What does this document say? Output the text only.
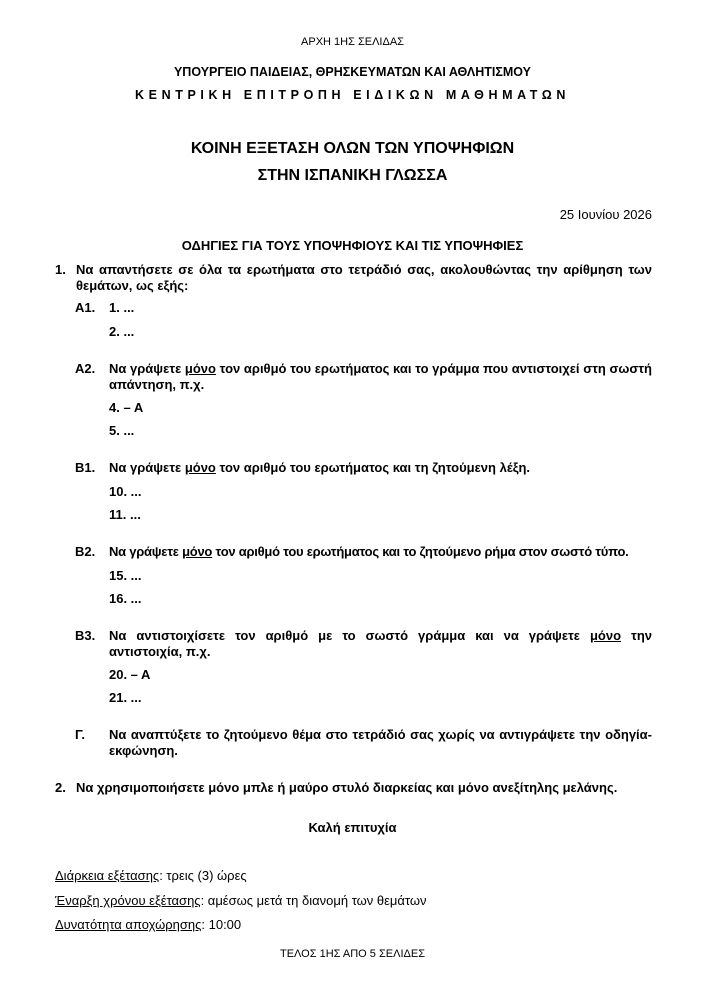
ΑΡΧΗ 1ΗΣ ΣΕΛΙΔΑΣ
ΥΠΟΥΡΓΕΙΟ ΠΑΙΔΕΙΑΣ, ΘΡΗΣΚΕΥΜΑΤΩΝ ΚΑΙ ΑΘΛΗΤΙΣΜΟΥ
ΚΕΝΤΡΙΚΗ ΕΠΙΤΡΟΠΗ ΕΙΔΙΚΩΝ ΜΑΘΗΜΑΤΩΝ
ΚΟΙΝΗ ΕΞΕΤΑΣΗ ΟΛΩΝ ΤΩΝ ΥΠΟΨΗΦΙΩΝ
ΣΤΗΝ ΙΣΠΑΝΙΚΗ ΓΛΩΣΣΑ
25 Ιουνίου 2026
ΟΔΗΓΙΕΣ ΓΙΑ ΤΟΥΣ ΥΠΟΨΗΦΙΟΥΣ ΚΑΙ ΤΙΣ ΥΠΟΨΗΦΙΕΣ
1. Να απαντήσετε σε όλα τα ερωτήματα στο τετράδιό σας, ακολουθώντας την αρίθμηση των θεμάτων, ως εξής:
Α1. 1. ...
2. ...
Α2. Να γράψετε μόνο τον αριθμό του ερωτήματος και το γράμμα που αντιστοιχεί στη σωστή απάντηση, π.χ.
4. – A
5. ...
Β1. Να γράψετε μόνο τον αριθμό του ερωτήματος και τη ζητούμενη λέξη.
10. ...
11. ...
Β2. Να γράψετε μόνο τον αριθμό του ερωτήματος και το ζητούμενο ρήμα στον σωστό τύπο.
15. ...
16. ...
Β3. Να αντιστοιχίσετε τον αριθμό με το σωστό γράμμα και να γράψετε μόνο την αντιστοιχία, π.χ.
20. – A
21. ...
Γ. Να αναπτύξετε το ζητούμενο θέμα στο τετράδιό σας χωρίς να αντιγράψετε την οδηγία-εκφώνηση.
2. Να χρησιμοποιήσετε μόνο μπλε ή μαύρο στυλό διαρκείας και μόνο ανεξίτηλης μελάνης.
Καλή επιτυχία
Διάρκεια εξέτασης: τρεις (3) ώρες
Έναρξη χρόνου εξέτασης: αμέσως μετά τη διανομή των θεμάτων
Δυνατότητα αποχώρησης: 10:00
ΤΕΛΟΣ 1ΗΣ ΑΠΟ 5 ΣΕΛΙΔΕΣ
